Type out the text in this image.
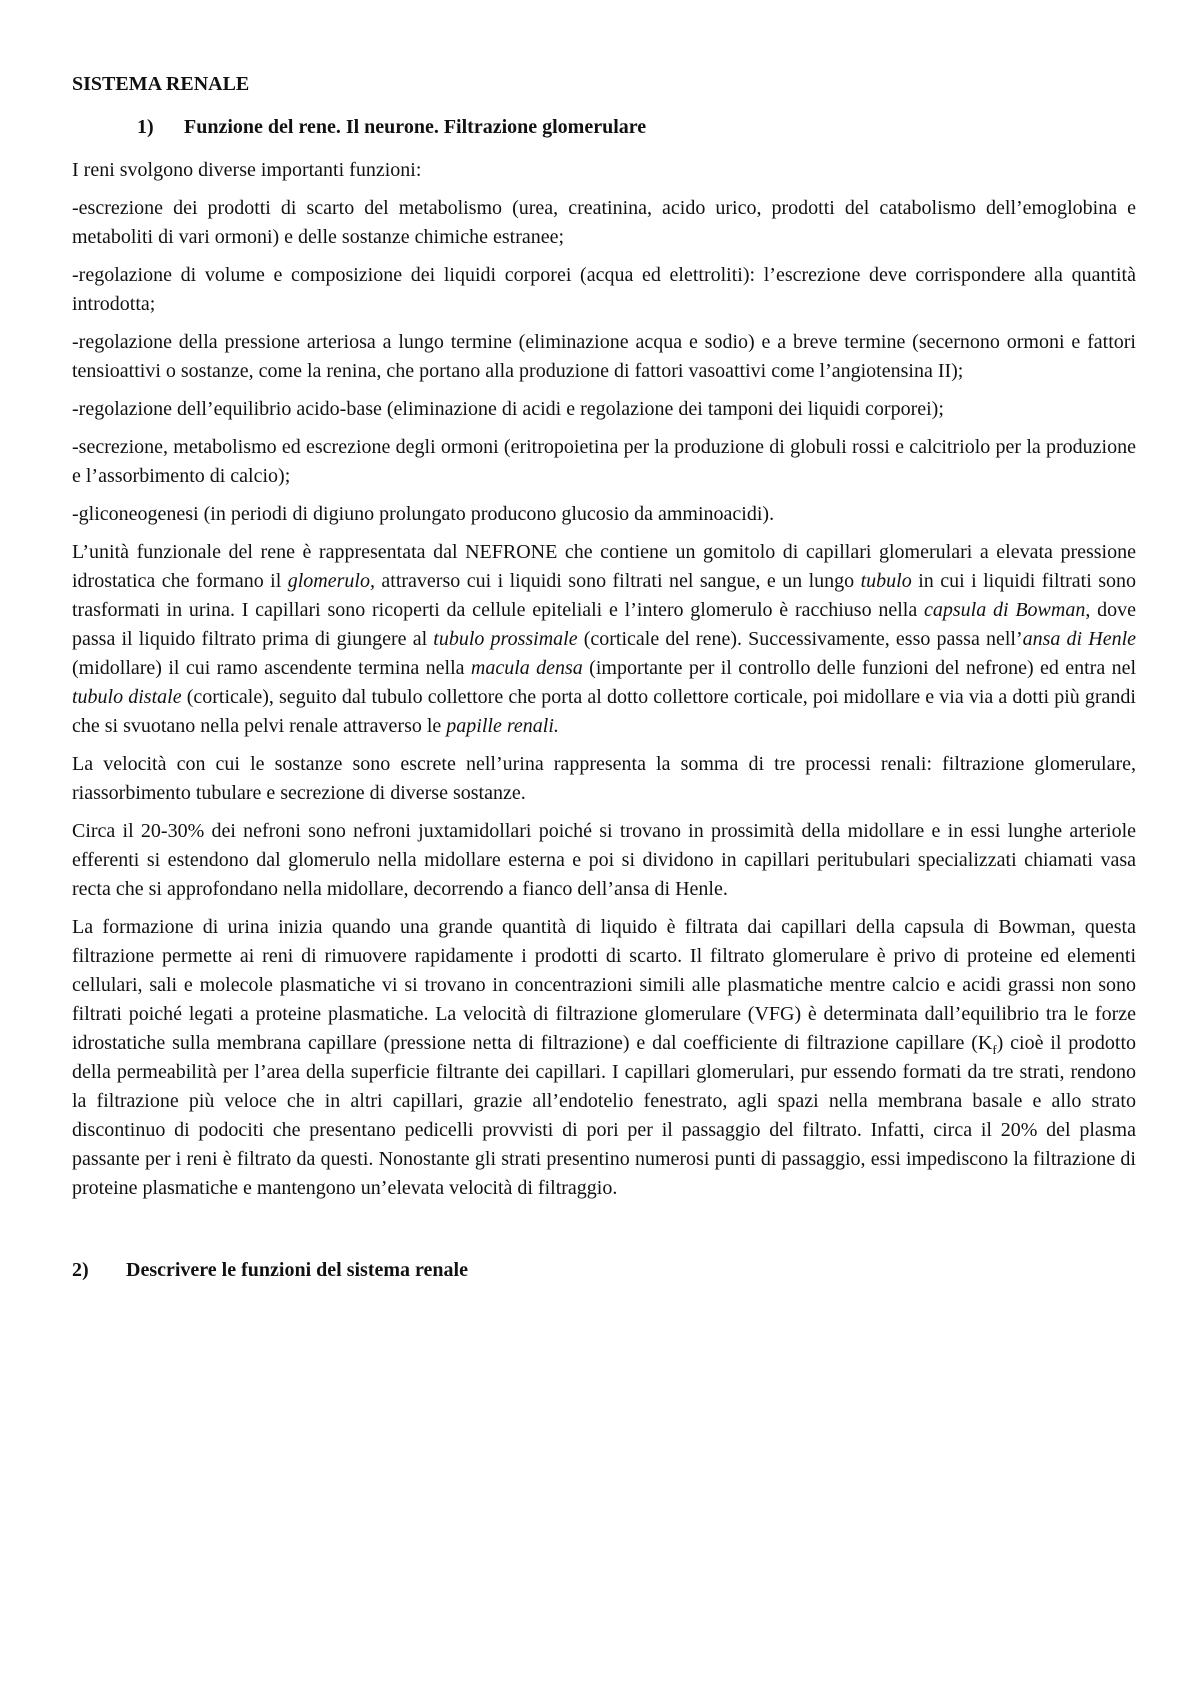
SISTEMA RENALE
1)	Funzione del rene. Il neurone. Filtrazione glomerulare

I reni svolgono diverse importanti funzioni:

-escrezione dei prodotti di scarto del metabolismo (urea, creatinina, acido urico, prodotti del catabolismo dell’emoglobina e metaboliti di vari ormoni) e delle sostanze chimiche estranee;

-regolazione di volume e composizione dei liquidi corporei (acqua ed elettroliti): l’escrezione deve corrispondere alla quantità introdotta;

-regolazione della pressione arteriosa a lungo termine (eliminazione acqua e sodio) e a breve termine (secernono ormoni e fattori tensioattivi o sostanze, come la renina, che portano alla produzione di fattori vasoattivi come l’angiotensina II);

-regolazione dell’equilibrio acido-base (eliminazione di acidi e regolazione dei tamponi dei liquidi corporei);

-secrezione, metabolismo ed escrezione degli ormoni (eritropoietina per la produzione di globuli rossi e calcitriolo per la produzione e l’assorbimento di calcio);

-gliconeogenesi (in periodi di digiuno prolungato producono glucosio da amminoacidi).

L’unità funzionale del rene è rappresentata dal NEFRONE che contiene un gomitolo di capillari glomerulari a elevata pressione idrostatica che formano il glomerulo, attraverso cui i liquidi sono filtrati nel sangue, e un lungo tubulo in cui i liquidi filtrati sono trasformati in urina. I capillari sono ricoperti da cellule epiteliali e l’intero glomerulo è racchiuso nella capsula di Bowman, dove passa il liquido filtrato prima di giungere al tubulo prossimale (corticale del rene). Successivamente, esso passa nell’ansa di Henle (midollare) il cui ramo ascendente termina nella macula densa (importante per il controllo delle funzioni del nefrone) ed entra nel tubulo distale (corticale), seguito dal tubulo collettore che porta al dotto collettore corticale, poi midollare e via via a dotti più grandi che si svuotano nella pelvi renale attraverso le papille renali.

La velocità con cui le sostanze sono escrete nell’urina rappresenta la somma di tre processi renali: filtrazione glomerulare, riassorbimento tubulare e secrezione di diverse sostanze.

Circa il 20-30% dei nefroni sono nefroni juxtamidollari poiché si trovano in prossimità della midollare e in essi lunghe arteriole efferenti si estendono dal glomerulo nella midollare esterna e poi si dividono in capillari peritubulari specializzati chiamati vasa recta che si approfondano nella midollare, decorrendo a fianco dell’ansa di Henle.

La formazione di urina inizia quando una grande quantità di liquido è filtrata dai capillari della capsula di Bowman, questa filtrazione permette ai reni di rimuovere rapidamente i prodotti di scarto. Il filtrato glomerulare è privo di proteine ed elementi cellulari, sali e molecole plasmatiche vi si trovano in concentrazioni simili alle plasmatiche mentre calcio e acidi grassi non sono filtrati poiché legati a proteine plasmatiche. La velocità di filtrazione glomerulare (VFG) è determinata dall’equilibrio tra le forze idrostatiche sulla membrana capillare (pressione netta di filtrazione) e dal coefficiente di filtrazione capillare $(K_f)$ cioè il prodotto della permeabilità per l’area della superficie filtrante dei capillari. I capillari glomerulari, pur essendo formati da tre strati, rendono la filtrazione più veloce che in altri capillari, grazie all’endotelio fenestrato, agli spazi nella membrana basale e allo strato discontinuo di podociti che presentano pedicelli provvisti di pori per il passaggio del filtrato. Infatti, circa il 20% del plasma passante per i reni è filtrato da questi. Nonostante gli strati presentino numerosi punti di passaggio, essi impediscono la filtrazione di proteine plasmatiche e mantengono un’elevata velocità di filtraggio.

2)	Descrivere le funzioni del sistema renale
